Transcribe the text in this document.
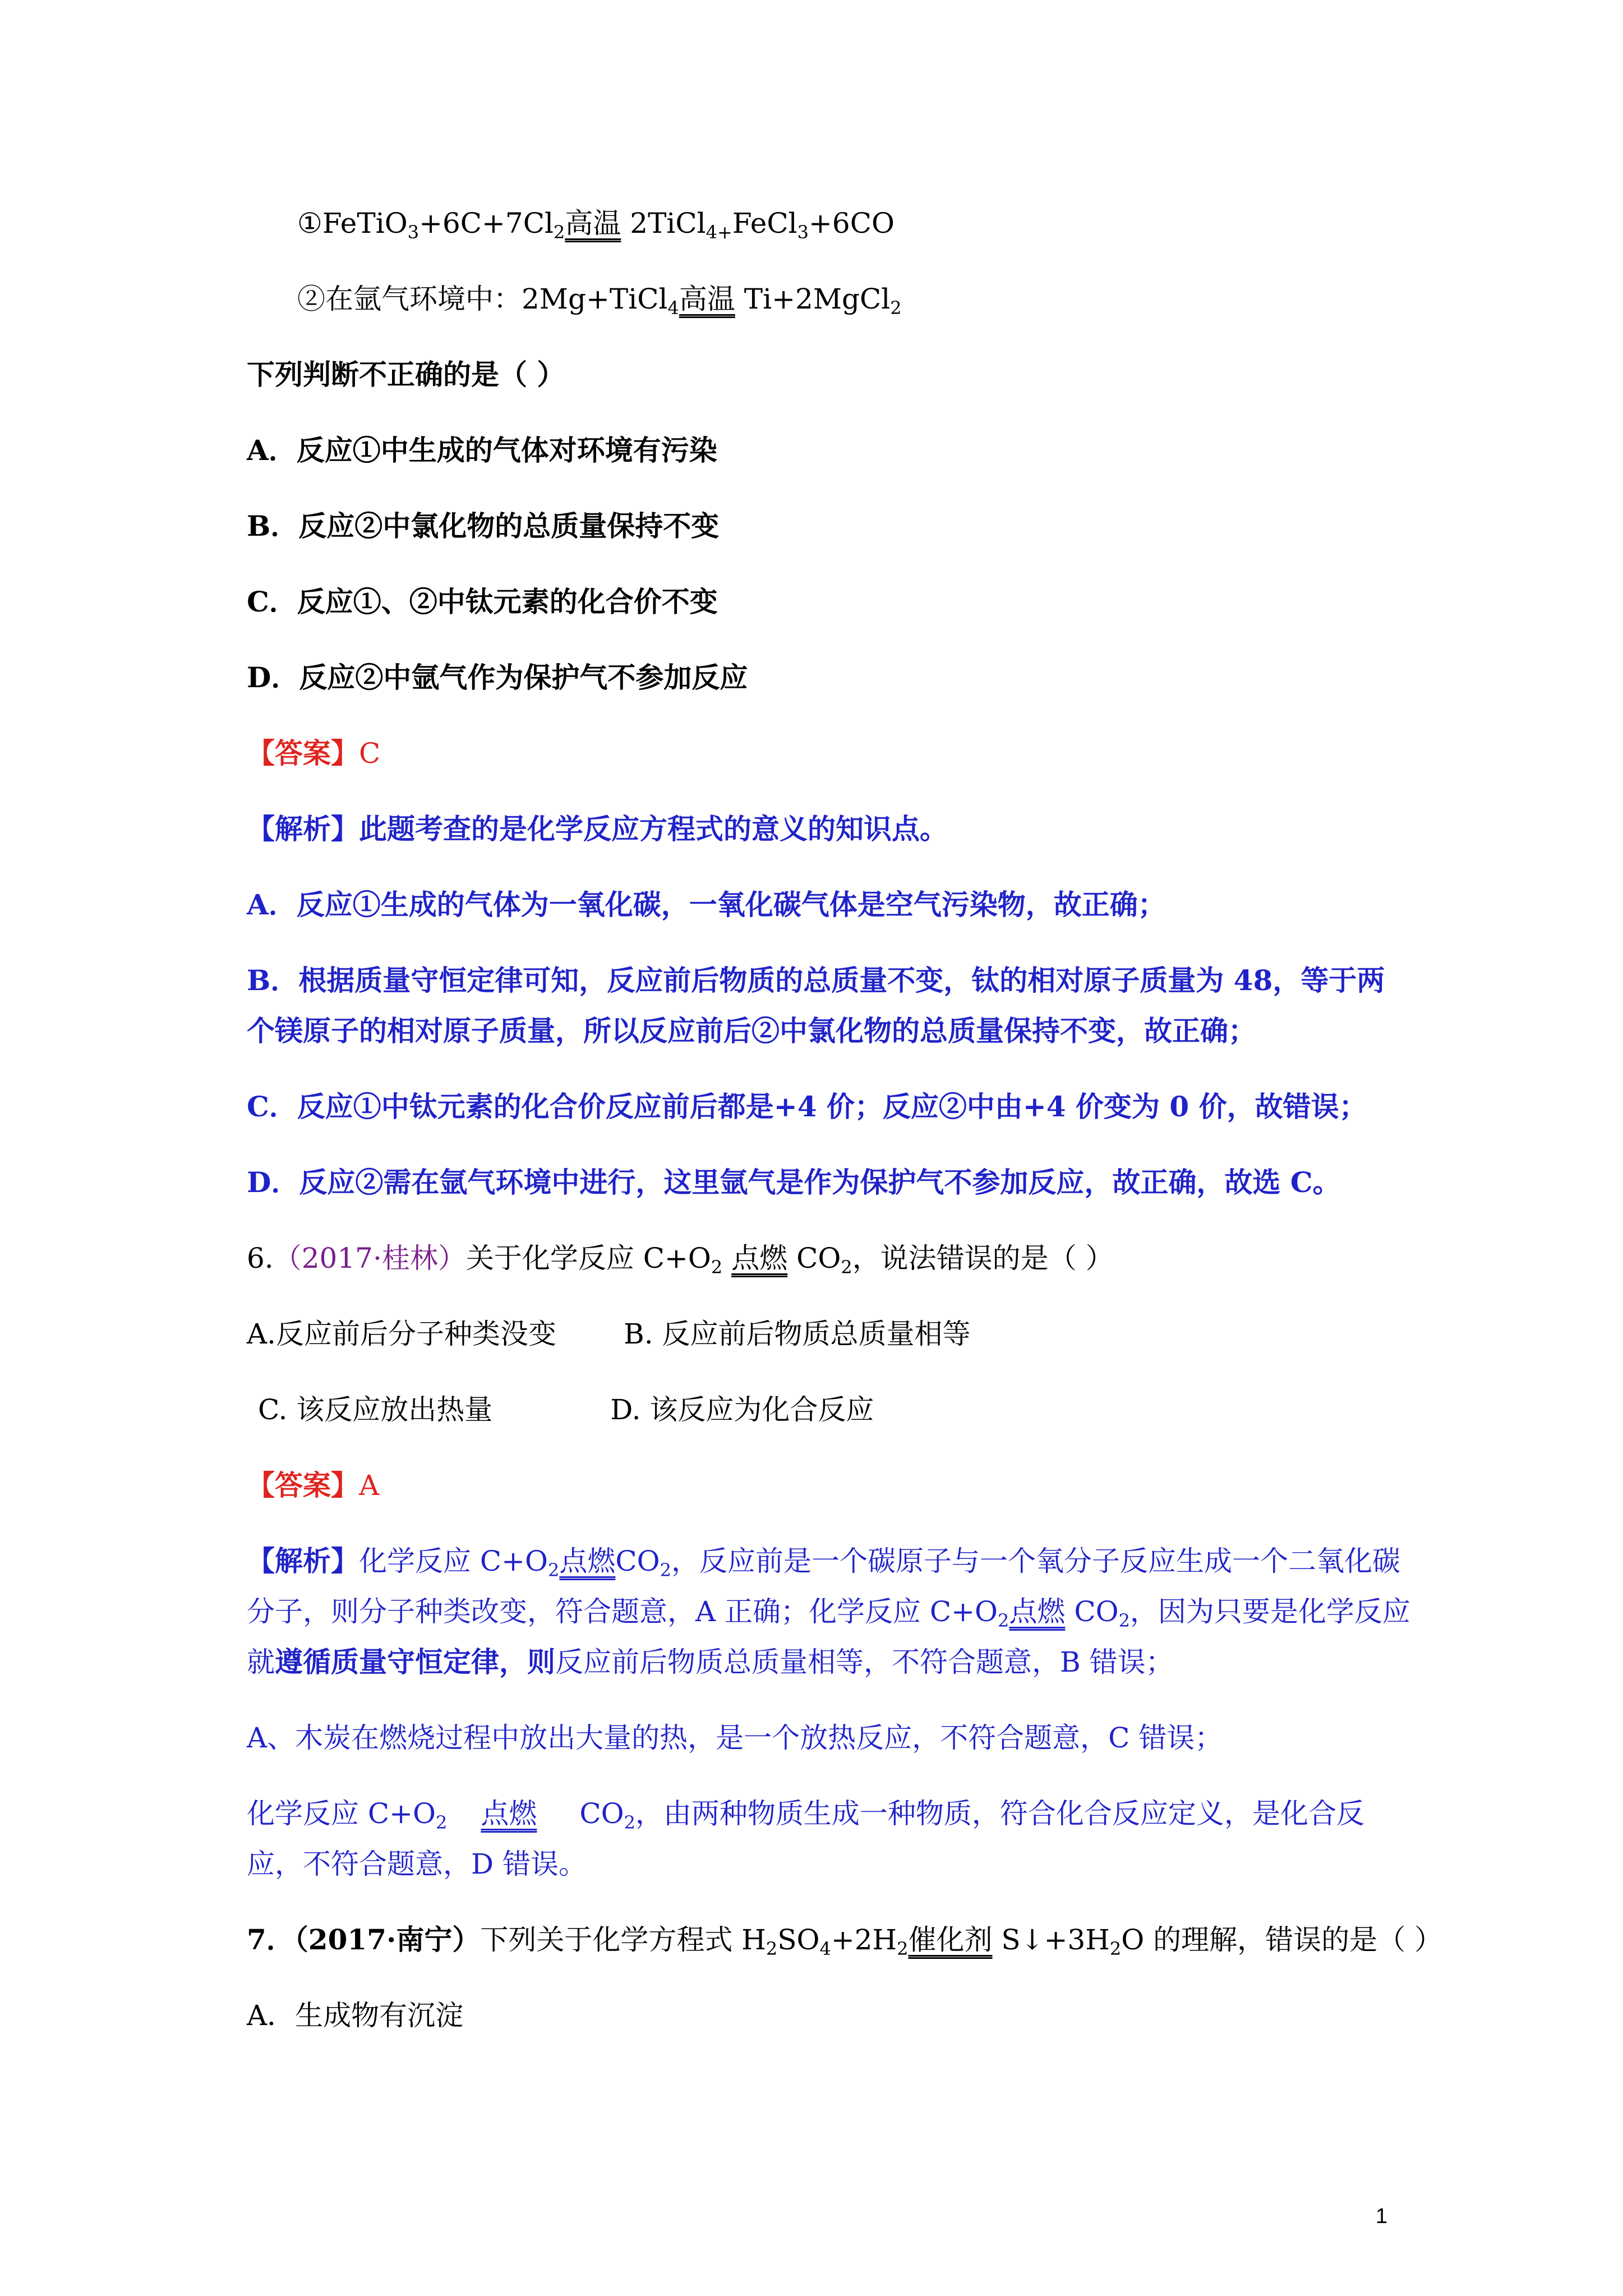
$①FeTiO_3+6C+7Cl_2$高温 2TiCl$_{4+}$FeCl$_3$+6CO
②在氩气环境中：2Mg+TiCl$_4$高温 Ti+2MgCl$_2$
下列判断不正确的是（ ）
A．反应①中生成的气体对环境有污染
B．反应②中氯化物的总质量保持不变
C．反应①、②中钛元素的化合价不变
D．反应②中氩气作为保护气不参加反应
【答案】C
【解析】此题考查的是化学反应方程式的意义的知识点。
A．反应①生成的气体为一氧化碳，一氧化碳气体是空气污染物，故正确；
B．根据质量守恒定律可知，反应前后物质的总质量不变，钛的相对原子质量为 48，等于两
个镁原子的相对原子质量，所以反应前后②中氯化物的总质量保持不变，故正确；
C．反应①中钛元素的化合价反应前后都是+4 价；反应②中由+4 价变为 0 价，故错误；
D．反应②需在氩气环境中进行，这里氩气是作为保护气不参加反应，故正确，故选 C。
6.（2017·桂林）关于化学反应 $C+O_2$ 点燃 $CO_2$，说法错误的是（ ）
A.反应前后分子种类没变 B. 反应前后物质总质量相等
C. 该反应放出热量	D. 该反应为化合反应
【答案】A
【解析】化学反应 $C+O_2$点燃$CO_2$，反应前是一个碳原子与一个氧分子反应生成一个二氧化碳
分子，则分子种类改变，符合题意，A 正确；化学反应 $C+O_2$点燃 $CO_2$，因为只要是化学反应
就遵循质量守恒定律，则反应前后物质总质量相等，不符合题意，B 错误；
A、木炭在燃烧过程中放出大量的热，是一个放热反应，不符合题意，C 错误；
化学反应 $C+O_2$ 点燃 $CO_2$，由两种物质生成一种物质，符合化合反应定义，是化合反
应，不符合题意，D 错误。
7．（2017·南宁）下列关于化学方程式 $H_2SO_4+2H_2$催化剂 $S↓+3H_2O$ 的理解，错误的是（ ）
A．生成物有沉淀
1
